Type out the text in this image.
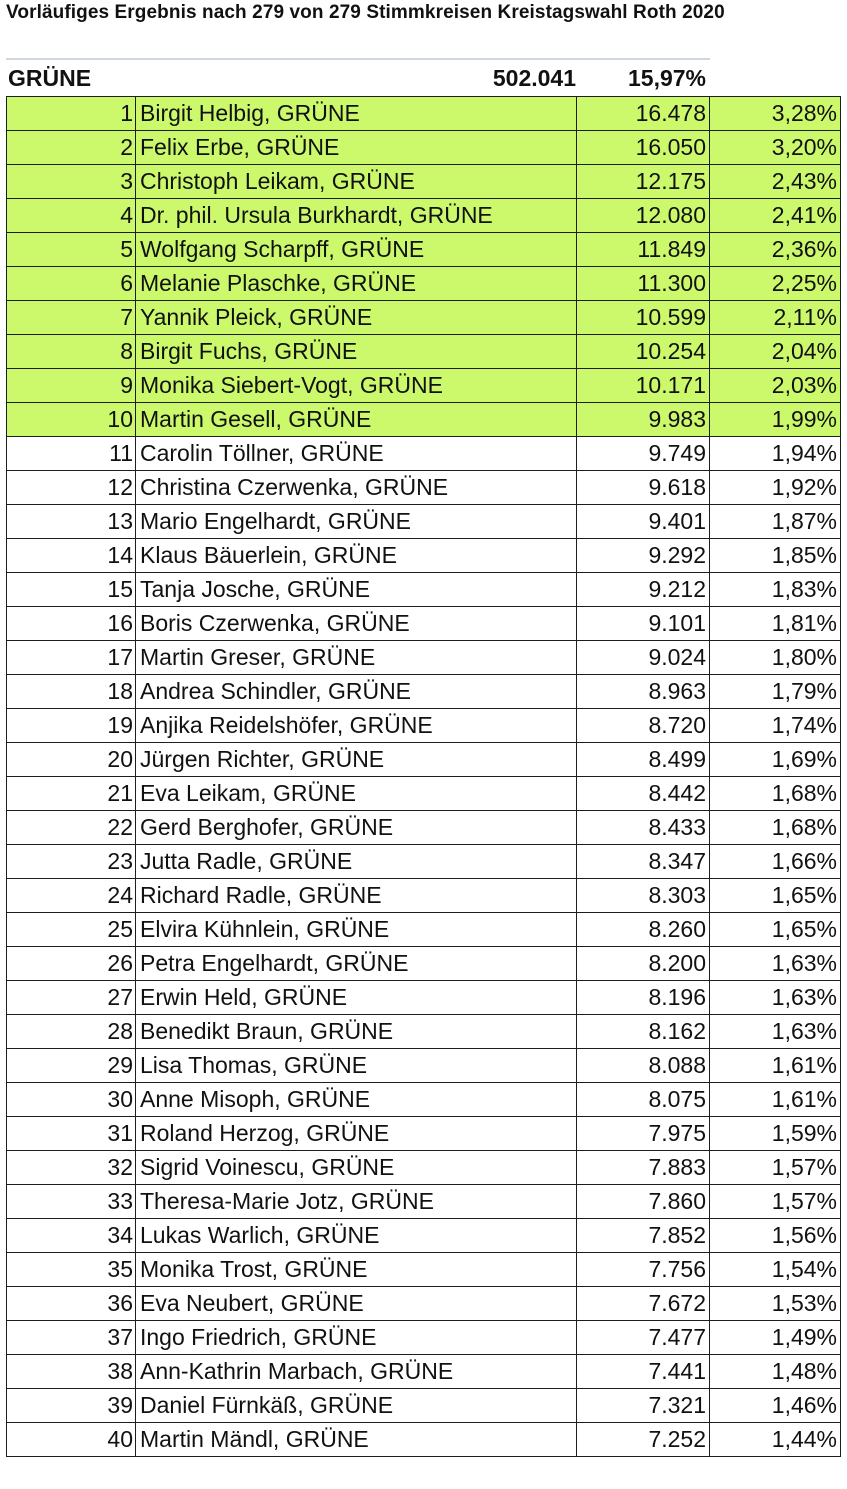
Vorläufiges Ergebnis nach 279 von 279 Stimmkreisen Kreistagswahl Roth 2020
GRÜNE	502.041 15,97%
1	Birgit Helbig, GRÜNE	16.478	3,28%
2	Felix Erbe, GRÜNE	16.050	3,20%
3	Christoph Leikam, GRÜNE	12.175	2,43%
4	Dr. phil. Ursula Burkhardt, GRÜNE	12.080	2,41%
5	Wolfgang Scharpff, GRÜNE	11.849	2,36%
6	Melanie Plaschke, GRÜNE	11.300	2,25%
7	Yannik Pleick, GRÜNE	10.599	2,11%
8	Birgit Fuchs, GRÜNE	10.254	2,04%
9	Monika Siebert-Vogt, GRÜNE	10.171	2,03%
10	Martin Gesell, GRÜNE	9.983	1,99%
11	Carolin Töllner, GRÜNE	9.749	1,94%
12	Christina Czerwenka, GRÜNE	9.618	1,92%
13	Mario Engelhardt, GRÜNE	9.401	1,87%
14	Klaus Bäuerlein, GRÜNE	9.292	1,85%
15	Tanja Josche, GRÜNE	9.212	1,83%
16	Boris Czerwenka, GRÜNE	9.101	1,81%
17	Martin Greser, GRÜNE	9.024	1,80%
18	Andrea Schindler, GRÜNE	8.963	1,79%
19	Anjika Reidelshöfer, GRÜNE	8.720	1,74%
20	Jürgen Richter, GRÜNE	8.499	1,69%
21	Eva Leikam, GRÜNE	8.442	1,68%
22	Gerd Berghofer, GRÜNE	8.433	1,68%
23	Jutta Radle, GRÜNE	8.347	1,66%
24	Richard Radle, GRÜNE	8.303	1,65%
25	Elvira Kühnlein, GRÜNE	8.260	1,65%
26	Petra Engelhardt, GRÜNE	8.200	1,63%
27	Erwin Held, GRÜNE	8.196	1,63%
28	Benedikt Braun, GRÜNE	8.162	1,63%
29	Lisa Thomas, GRÜNE	8.088	1,61%
30	Anne Misoph, GRÜNE	8.075	1,61%
31	Roland Herzog, GRÜNE	7.975	1,59%
32	Sigrid Voinescu, GRÜNE	7.883	1,57%
33	Theresa-Marie Jotz, GRÜNE	7.860	1,57%
34	Lukas Warlich, GRÜNE	7.852	1,56%
35	Monika Trost, GRÜNE	7.756	1,54%
36	Eva Neubert, GRÜNE	7.672	1,53%
37	Ingo Friedrich, GRÜNE	7.477	1,49%
38	Ann-Kathrin Marbach, GRÜNE	7.441	1,48%
39	Daniel Fürnkäß, GRÜNE	7.321	1,46%
40	Martin Mändl, GRÜNE	7.252	1,44%
